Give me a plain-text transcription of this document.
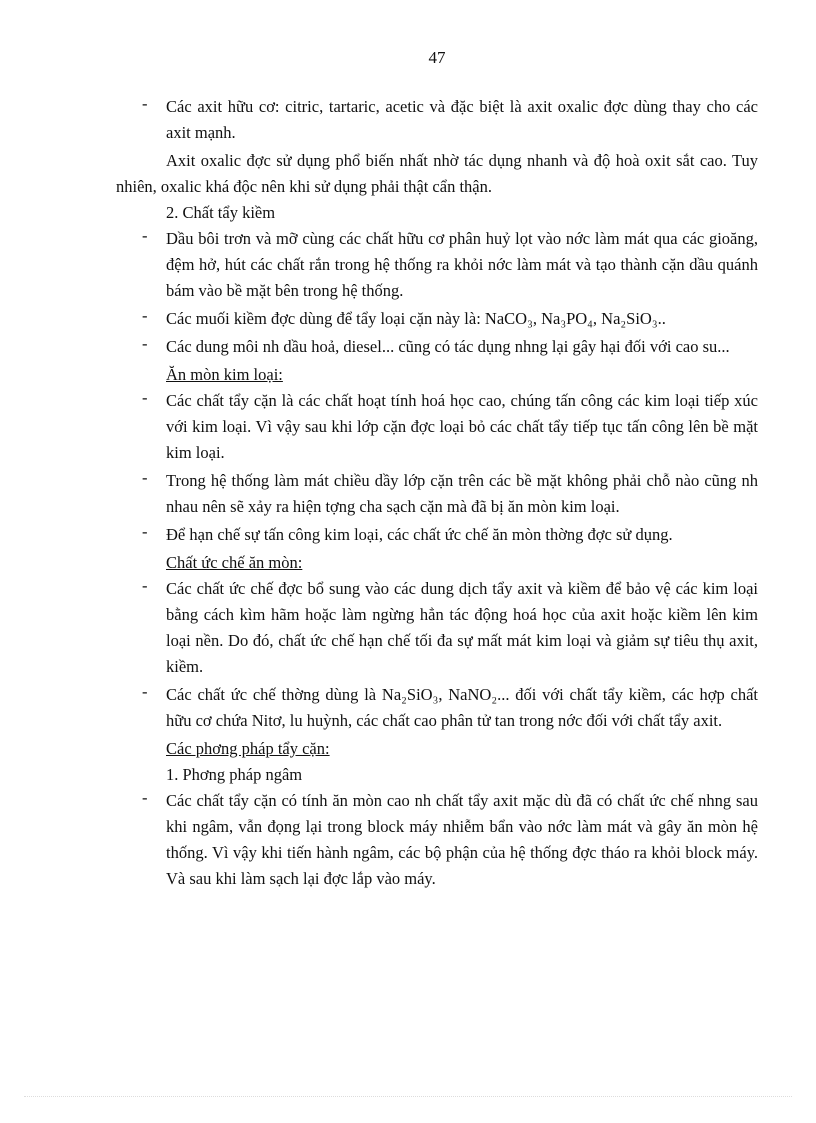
47
- Các axit hữu cơ: citric, tartaric, acetic và đặc biệt là axit oxalic đợc dùng thay cho các axit mạnh.
Axit oxalic đợc sử dụng phổ biến nhất nhờ tác dụng nhanh và độ hoà oxit sắt cao. Tuy nhiên, oxalic khá độc nên khi sử dụng phải thật cẩn thận.
2. Chất tẩy kiềm
- Dầu bôi trơn và mỡ cùng các chất hữu cơ phân huỷ lọt vào nớc làm mát qua các gioăng, đệm hở, hút các chất rắn trong hệ thống ra khỏi nớc làm mát và tạo thành cặn dầu quánh bám vào bề mặt bên trong hệ thống.
- Các muối kiềm đợc dùng để tẩy loại cặn này là: NaCO₃, Na₃PO₄, Na₂SiO₃..
- Các dung môi nh dầu hoả, diesel... cũng có tác dụng nhng lại gây hại đối với cao su...
Ăn mòn kim loại:
- Các chất tẩy cặn là các chất hoạt tính hoá học cao, chúng tấn công các kim loại tiếp xúc với kim loại. Vì vậy sau khi lớp cặn đợc loại bỏ các chất tẩy tiếp tục tấn công lên bề mặt kim loại.
- Trong hệ thống làm mát chiều dầy lớp cặn trên các bề mặt không phải chỗ nào cũng nh nhau nên sẽ xảy ra hiện tợng cha sạch cặn mà đã bị ăn mòn kim loại.
- Để hạn chế sự tấn công kim loại, các chất ức chế ăn mòn thờng đợc sử dụng.
Chất ức chế ăn mòn:
- Các chất ức chế đợc bổ sung vào các dung dịch tẩy axit và kiềm để bảo vệ các kim loại bằng cách kìm hãm hoặc làm ngừng hẳn tác động hoá học của axit hoặc kiềm lên kim loại nền. Do đó, chất ức chế hạn chế tối đa sự mất mát kim loại và giảm sự tiêu thụ axit, kiềm.
- Các chất ức chế thờng dùng là Na₂SiO₃, NaNO₂... đối với chất tẩy kiềm, các hợp chất hữu cơ chứa Nitơ, lu huỳnh, các chất cao phân tử tan trong nớc đối với chất tẩy axit.
Các phơng pháp tẩy cặn:
1. Phơng pháp ngâm
- Các chất tẩy cặn có tính ăn mòn cao nh chất tẩy axit mặc dù đã có chất ức chế nhng sau khi ngâm, vẫn đọng lại trong block máy nhiễm bẩn vào nớc làm mát và gây ăn mòn hệ thống. Vì vậy khi tiến hành ngâm, các bộ phận của hệ thống đợc tháo ra khỏi block máy. Và sau khi làm sạch lại đợc lắp vào máy.
